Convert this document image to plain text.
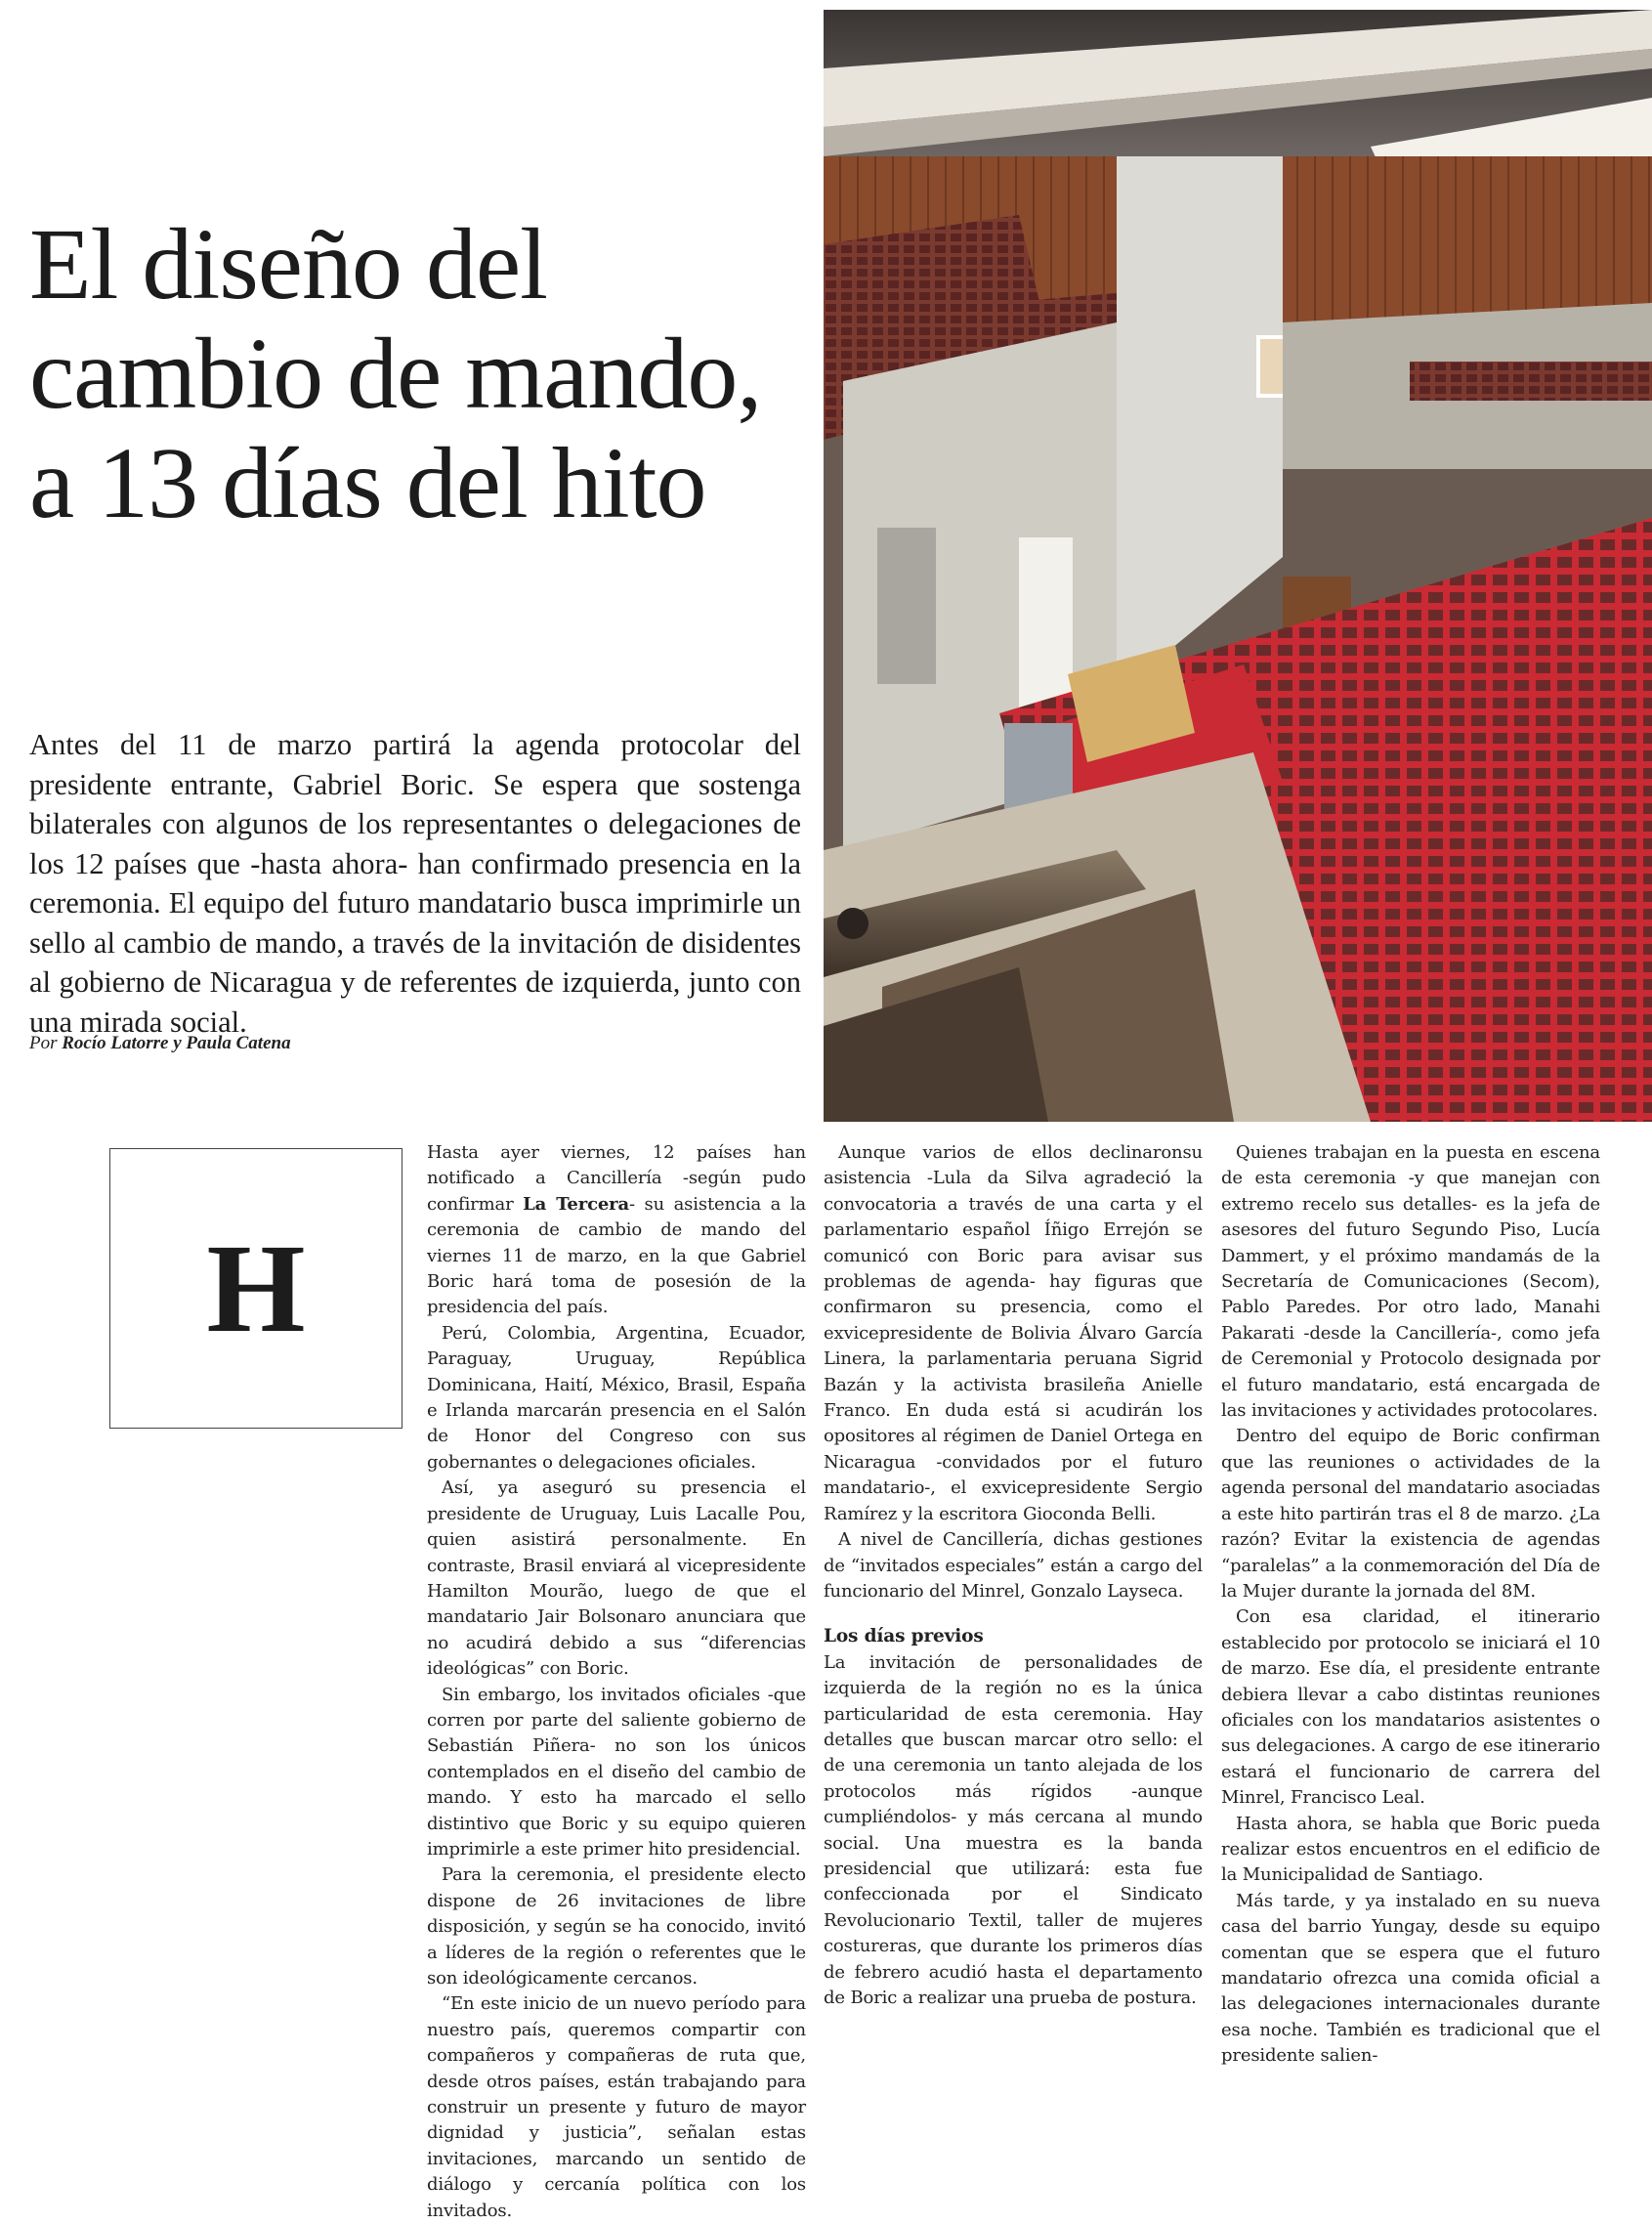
El diseño del cambio de mando, a 13 días del hito

Antes del 11 de marzo partirá la agenda protocolar del presidente entrante, Gabriel Boric. Se espera que sostenga bilaterales con algunos de los representantes o delegaciones de los 12 países que -hasta ahora- han confirmado presencia en la ceremonia. El equipo del futuro mandatario busca imprimirle un sello al cambio de mando, a través de la invitación de disidentes al gobierno de Nicaragua y de referentes de izquierda, junto con una mirada social.

Por Rocío Latorre y Paula Catena
H

Hasta ayer viernes, 12 países han notificado a Cancillería -según pudo confirmar La Tercera- su asistencia a la ceremonia de cambio de mando del viernes 11 de marzo, en la que Gabriel Boric hará toma de posesión de la presidencia del país.

Perú, Colombia, Argentina, Ecuador, Paraguay, Uruguay, República Dominicana, Haití, México, Brasil, España e Irlanda marcarán presencia en el Salón de Honor del Congreso con sus gobernantes o delegaciones oficiales.

Así, ya aseguró su presencia el presidente de Uruguay, Luis Lacalle Pou, quien asistirá personalmente. En contraste, Brasil enviará al vicepresidente Hamilton Mourão, luego de que el mandatario Jair Bolsonaro anunciara que no acudirá debido a sus “diferencias ideológicas” con Boric.

Sin embargo, los invitados oficiales -que corren por parte del saliente gobierno de Sebastián Piñera- no son los únicos contemplados en el diseño del cambio de mando. Y esto ha marcado el sello distintivo que Boric y su equipo quieren imprimirle a este primer hito presidencial.

Para la ceremonia, el presidente electo dispone de 26 invitaciones de libre disposición, y según se ha conocido, invitó a líderes de la región o referentes que le son ideológicamente cercanos.

“En este inicio de un nuevo período para nuestro país, queremos compartir con compañeros y compañeras de ruta que, desde otros países, están trabajando para construir un presente y futuro de mayor dignidad y justicia”, señalan estas invitaciones, marcando un sentido de diálogo y cercanía política con los invitados.

Aunque varios de ellos declinaronsu asistencia -Lula da Silva agradeció la convocatoria a través de una carta y el parlamentario español Íñigo Errejón se comunicó con Boric para avisar sus problemas de agenda- hay figuras que confirmaron su presencia, como el exvicepresidente de Bolivia Álvaro García Linera, la parlamentaria peruana Sigrid Bazán y la activista brasileña Anielle Franco. En duda está si acudirán los opositores al régimen de Daniel Ortega en Nicaragua -convidados por el futuro mandatario-, el exvicepresidente Sergio Ramírez y la escritora Gioconda Belli.

A nivel de Cancillería, dichas gestiones de “invitados especiales” están a cargo del funcionario del Minrel, Gonzalo Layseca.

Los días previos

La invitación de personalidades de izquierda de la región no es la única particularidad de esta ceremonia. Hay detalles que buscan marcar otro sello: el de una ceremonia un tanto alejada de los protocolos más rígidos -aunque cumpliéndolos- y más cercana al mundo social. Una muestra es la banda presidencial que utilizará: esta fue confeccionada por el Sindicato Revolucionario Textil, taller de mujeres costureras, que durante los primeros días de febrero acudió hasta el departamento de Boric a realizar una prueba de postura.

Quienes trabajan en la puesta en escena de esta ceremonia -y que manejan con extremo recelo sus detalles- es la jefa de asesores del futuro Segundo Piso, Lucía Dammert, y el próximo mandamás de la Secretaría de Comunicaciones (Secom), Pablo Paredes. Por otro lado, Manahi Pakarati -desde la Cancillería-, como jefa de Ceremonial y Protocolo designada por el futuro mandatario, está encargada de las invitaciones y actividades protocolares.

Dentro del equipo de Boric confirman que las reuniones o actividades de la agenda personal del mandatario asociadas a este hito partirán tras el 8 de marzo. ¿La razón? Evitar la existencia de agendas “paralelas” a la conmemoración del Día de la Mujer durante la jornada del 8M.

Con esa claridad, el itinerario establecido por protocolo se iniciará el 10 de marzo. Ese día, el presidente entrante debiera llevar a cabo distintas reuniones oficiales con los mandatarios asistentes o sus delegaciones. A cargo de ese itinerario estará el funcionario de carrera del Minrel, Francisco Leal.

Hasta ahora, se habla que Boric pueda realizar estos encuentros en el edificio de la Municipalidad de Santiago.

Más tarde, y ya instalado en su nueva casa del barrio Yungay, desde su equipo comentan que se espera que el futuro mandatario ofrezca una comida oficial a las delegaciones internacionales durante esa noche. También es tradicional que el presidente salien-
